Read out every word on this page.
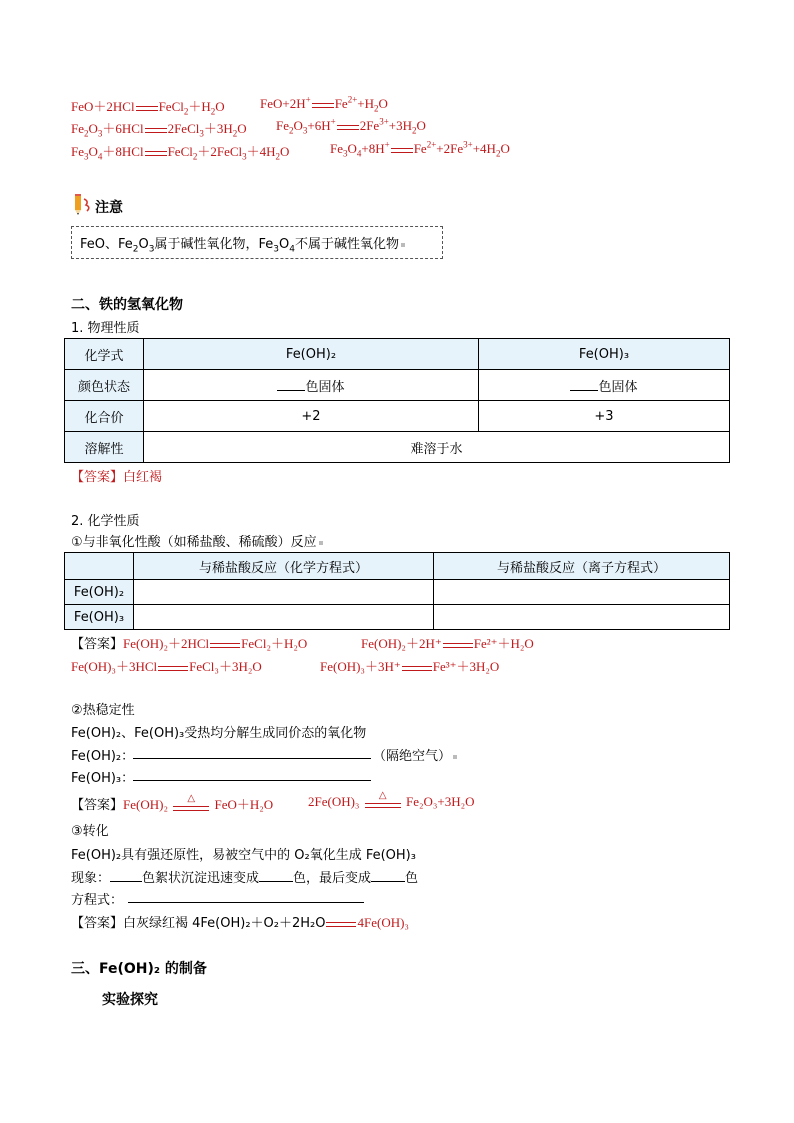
FeO＋2HCl $FeCl_2+H_2O$	FeO+2H+ $Fe^{2+}+H_2O$
$Fe_2O_3+6HCl$ $2FeCl_3+3H_2O$ $Fe_2O_3+6H^+$ $2Fe^{3+}+3H_2O$
$Fe_3O_4+8HCl$ $FeCl_2+2FeCl_3+4H_2O$	$Fe_3O_4+8H^+$ $Fe^{2+}+2Fe^{3+}+4H_2O$
注意
FeO、$Fe_2O_3$属于碱性氧化物，$Fe_3O_4$不属于碱性氧化物
二、铁的氢氧化物
1. 物理性质
化学式	Fe(OH)₂	Fe(OH)₃
颜色状态	色固体	色固体
化合价	+2	+3
溶解性	难溶于水	
【答案】白红褐
2. 化学性质
①与非氧化性酸（如稀盐酸、稀硫酸）反应
	与稀盐酸反应（化学方程式）	与稀盐酸反应（离子方程式）
Fe(OH)₂		
Fe(OH)₃		
【答案】Fe(OH)₂＋2HCl FeCl₂＋H₂O	Fe(OH)₂＋2H⁺ Fe²⁺＋H₂O
Fe(OH)₃＋3HCl FeCl₃＋3H₂O	Fe(OH)₃＋3H⁺ Fe³⁺＋3H₂O
②热稳定性
Fe(OH)₂、Fe(OH)₃受热均分解生成同价态的氧化物
Fe(OH)₂：	（隔绝空气）
Fe(OH)₃：
【答案】Fe(OH)₂	△	FeO＋H₂O	2Fe(OH)₃	△	Fe₂O₃+3H₂O
③转化
Fe(OH)₂具有强还原性，易被空气中的 O₂氧化生成 Fe(OH)₃
现象： 色絮状沉淀迅速变成	色，最后变成	色
方程式：
【答案】白灰绿红褐 4Fe(OH)₂＋O₂＋2H₂O 4Fe(OH)₃
三、Fe(OH)₂ 的制备
实验探究
